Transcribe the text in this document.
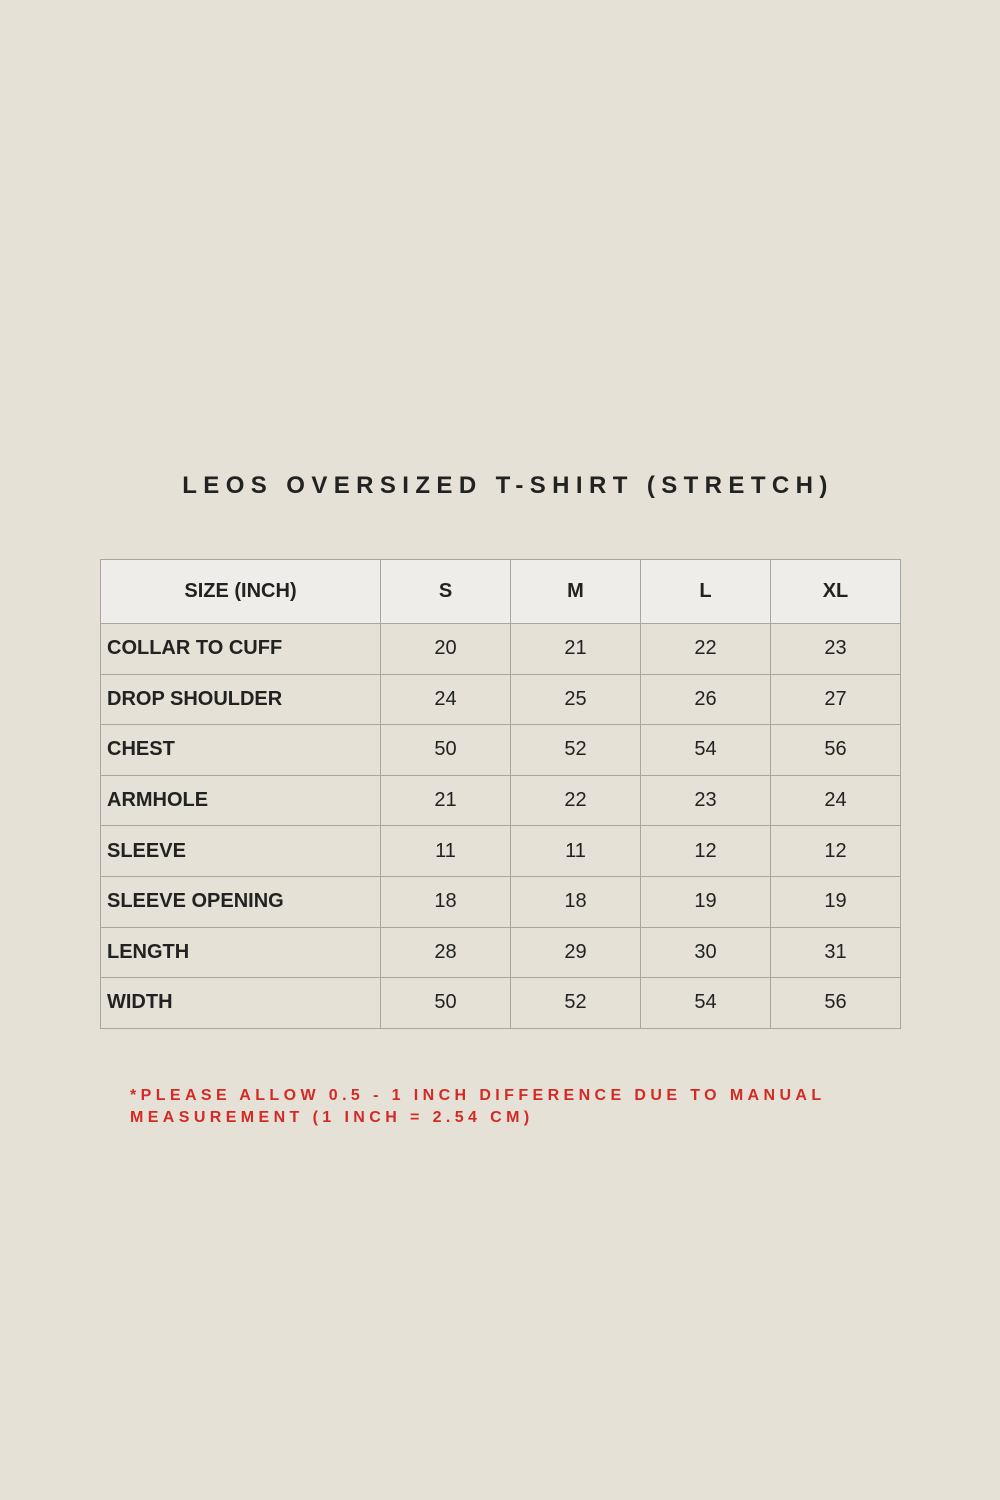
LEOS OVERSIZED T-SHIRT (STRETCH)
SIZE (INCH)	S	M	L	XL
COLLAR TO CUFF	20	21	22	23
DROP SHOULDER	24	25	26	27
CHEST	50	52	54	56
ARMHOLE	21	22	23	24
SLEEVE	11	11	12	12
SLEEVE OPENING	18	18	19	19
LENGTH	28	29	30	31
WIDTH	50	52	54	56
*PLEASE ALLOW 0.5 - 1 INCH DIFFERENCE DUE TO MANUAL
MEASUREMENT (1 INCH = 2.54 CM)
